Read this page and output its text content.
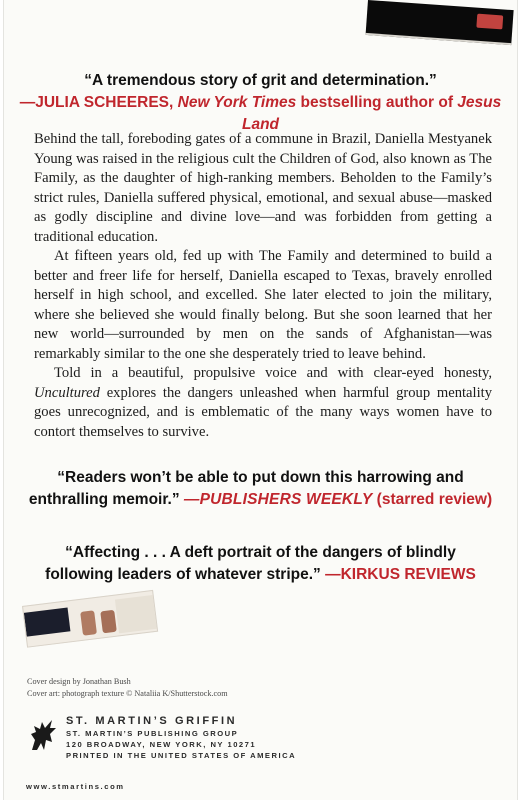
“A tremendous story of grit and determination.”
—JULIA SCHEERES, New York Times bestselling author of Jesus Land

Behind the tall, foreboding gates of a commune in Brazil, Daniella Mestyanek Young was raised in the religious cult the Children of God, also known as The Family, as the daughter of high-ranking members. Beholden to the Family’s strict rules, Daniella suffered physical, emotional, and sexual abuse—masked as godly discipline and divine love—and was forbidden from getting a traditional education.

At fifteen years old, fed up with The Family and determined to build a better and freer life for herself, Daniella escaped to Texas, bravely enrolled herself in high school, and excelled. She later elected to join the military, where she believed she would finally belong. But she soon learned that her new world—surrounded by men on the sands of Afghanistan—was remarkably similar to the one she desperately tried to leave behind.

Told in a beautiful, propulsive voice and with clear-eyed honesty, Uncultured explores the dangers unleashed when harmful group mentality goes unrecognized, and is emblematic of the many ways women have to contort themselves to survive.

“Readers won’t be able to put down this harrowing and
enthralling memoir.” —PUBLISHERS WEEKLY (starred review)
“Affecting . . . A deft portrait of the dangers of blindly
following leaders of whatever stripe.” —KIRKUS REVIEWS
Cover design by Jonathan Bush
Cover art: photograph texture © Nataliia K/Shutterstock.com
ST. MARTIN’S GRIFFIN
ST. MARTIN’S PUBLISHING GROUP
120 BROADWAY, NEW YORK, NY 10271
PRINTED IN THE UNITED STATES OF AMERICA
www.stmartins.com
